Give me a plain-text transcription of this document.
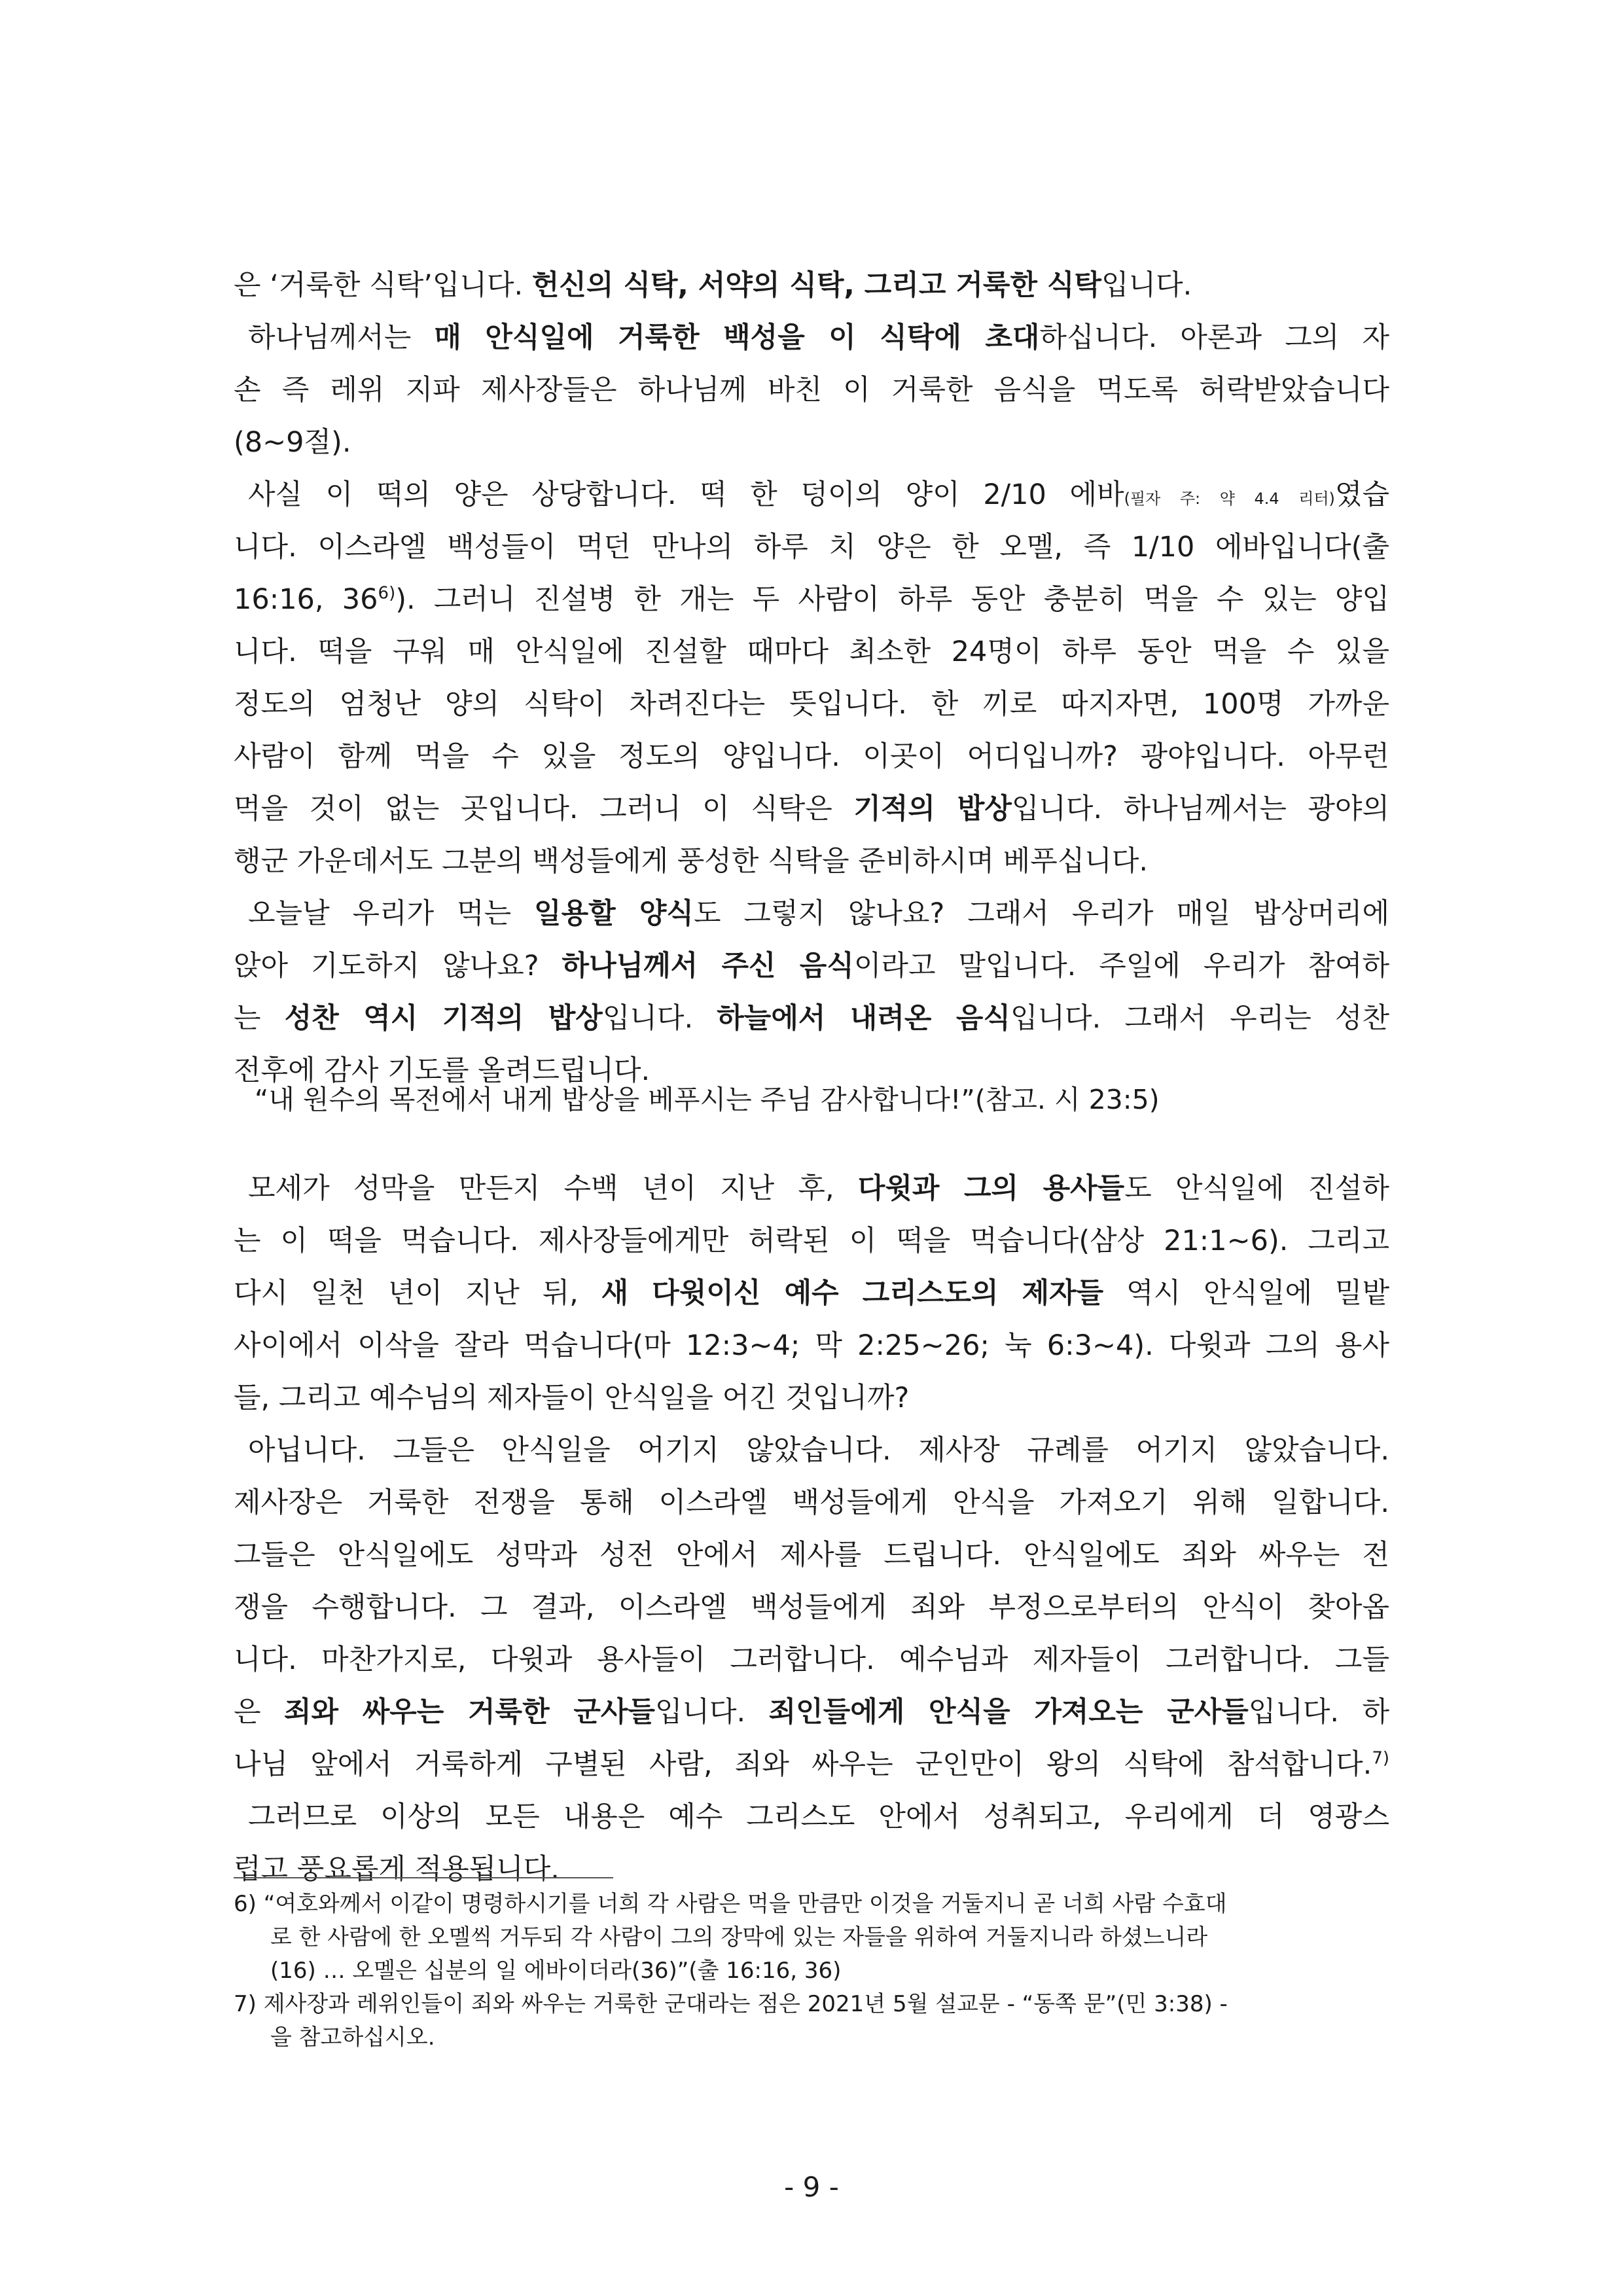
은 ‘거룩한 식탁’입니다. 헌신의 식탁, 서약의 식탁, 그리고 거룩한 식탁입니다.
하나님께서는 매 안식일에 거룩한 백성을 이 식탁에 초대하십니다. 아론과 그의 자
손 즉 레위 지파 제사장들은 하나님께 바친 이 거룩한 음식을 먹도록 허락받았습니다
(8~9절).
사실 이 떡의 양은 상당합니다. 떡 한 덩이의 양이 2/10 에바(필자 주: 약 4.4 리터)였습
니다. 이스라엘 백성들이 먹던 만나의 하루 치 양은 한 오멜, 즉 1/10 에바입니다(출
16:16, 36$^{6)}$). 그러니 진설병 한 개는 두 사람이 하루 동안 충분히 먹을 수 있는 양입
니다. 떡을 구워 매 안식일에 진설할 때마다 최소한 24명이 하루 동안 먹을 수 있을
정도의 엄청난 양의 식탁이 차려진다는 뜻입니다. 한 끼로 따지자면, 100명 가까운
사람이 함께 먹을 수 있을 정도의 양입니다. 이곳이 어디입니까? 광야입니다. 아무런
먹을 것이 없는 곳입니다. 그러니 이 식탁은 기적의 밥상입니다. 하나님께서는 광야의
행군 가운데서도 그분의 백성들에게 풍성한 식탁을 준비하시며 베푸십니다.
오늘날 우리가 먹는 일용할 양식도 그렇지 않나요? 그래서 우리가 매일 밥상머리에
앉아 기도하지 않나요? 하나님께서 주신 음식이라고 말입니다. 주일에 우리가 참여하
는 성찬 역시 기적의 밥상입니다. 하늘에서 내려온 음식입니다. 그래서 우리는 성찬
전후에 감사 기도를 올려드립니다.
“내 원수의 목전에서 내게 밥상을 베푸시는 주님 감사합니다!”(참고. 시 23:5)
모세가 성막을 만든지 수백 년이 지난 후, 다윗과 그의 용사들도 안식일에 진설하
는 이 떡을 먹습니다. 제사장들에게만 허락된 이 떡을 먹습니다(삼상 21:1~6). 그리고
다시 일천 년이 지난 뒤, 새 다윗이신 예수 그리스도의 제자들 역시 안식일에 밀밭
사이에서 이삭을 잘라 먹습니다(마 12:3~4; 막 2:25~26; 눅 6:3~4). 다윗과 그의 용사
들, 그리고 예수님의 제자들이 안식일을 어긴 것입니까?
아닙니다. 그들은 안식일을 어기지 않았습니다. 제사장 규례를 어기지 않았습니다.
제사장은 거룩한 전쟁을 통해 이스라엘 백성들에게 안식을 가져오기 위해 일합니다.
그들은 안식일에도 성막과 성전 안에서 제사를 드립니다. 안식일에도 죄와 싸우는 전
쟁을 수행합니다. 그 결과, 이스라엘 백성들에게 죄와 부정으로부터의 안식이 찾아옵
니다. 마찬가지로, 다윗과 용사들이 그러합니다. 예수님과 제자들이 그러합니다. 그들
은 죄와 싸우는 거룩한 군사들입니다. 죄인들에게 안식을 가져오는 군사들입니다. 하
나님 앞에서 거룩하게 구별된 사람, 죄와 싸우는 군인만이 왕의 식탁에 참석합니다.$^{7)}$
그러므로 이상의 모든 내용은 예수 그리스도 안에서 성취되고, 우리에게 더 영광스
럽고 풍요롭게 적용됩니다.
6) “여호와께서 이같이 명령하시기를 너희 각 사람은 먹을 만큼만 이것을 거둘지니 곧 너희 사람 수효대
로 한 사람에 한 오멜씩 거두되 각 사람이 그의 장막에 있는 자들을 위하여 거둘지니라 하셨느니라
(16) … 오멜은 십분의 일 에바이더라(36)”(출 16:16, 36)
7) 제사장과 레위인들이 죄와 싸우는 거룩한 군대라는 점은 2021년 5월 설교문 - “동쪽 문”(민 3:38) -
을 참고하십시오.
- 9 -
